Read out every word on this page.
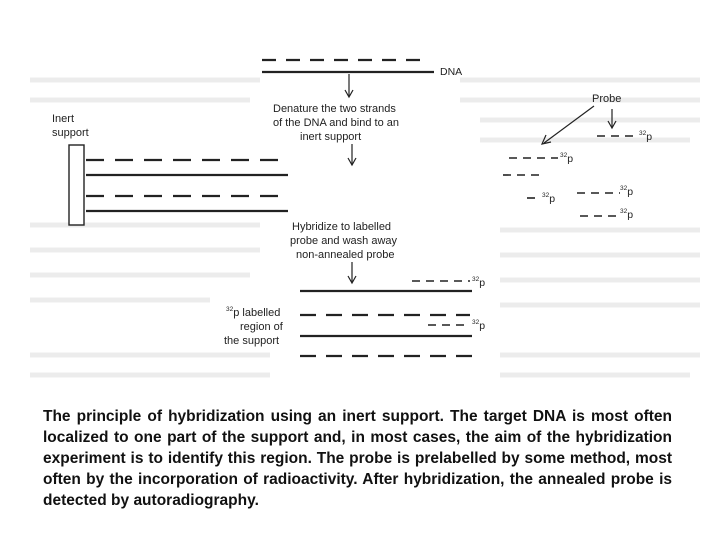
DNA
Denature the two strands
of the DNA and bind to an
inert support
Inert
support
Probe
$^{32}$p
$^{32}$p
$^{32}$p
$^{32}$p
$^{32}$p
Hybridize to labelled
probe and wash away
non-annealed probe
$^{32}$p
$^{32}$p
$^{32}$p labelled
region of
the support

The principle of hybridization using an inert support. The target DNA is most often localized to one part of the support and, in most cases, the aim of the hybridization experiment is to identify this region. The probe is prelabelled by some method, most often by the incorporation of radioactivity. After hybridization, the annealed probe is detected by autoradiography.
